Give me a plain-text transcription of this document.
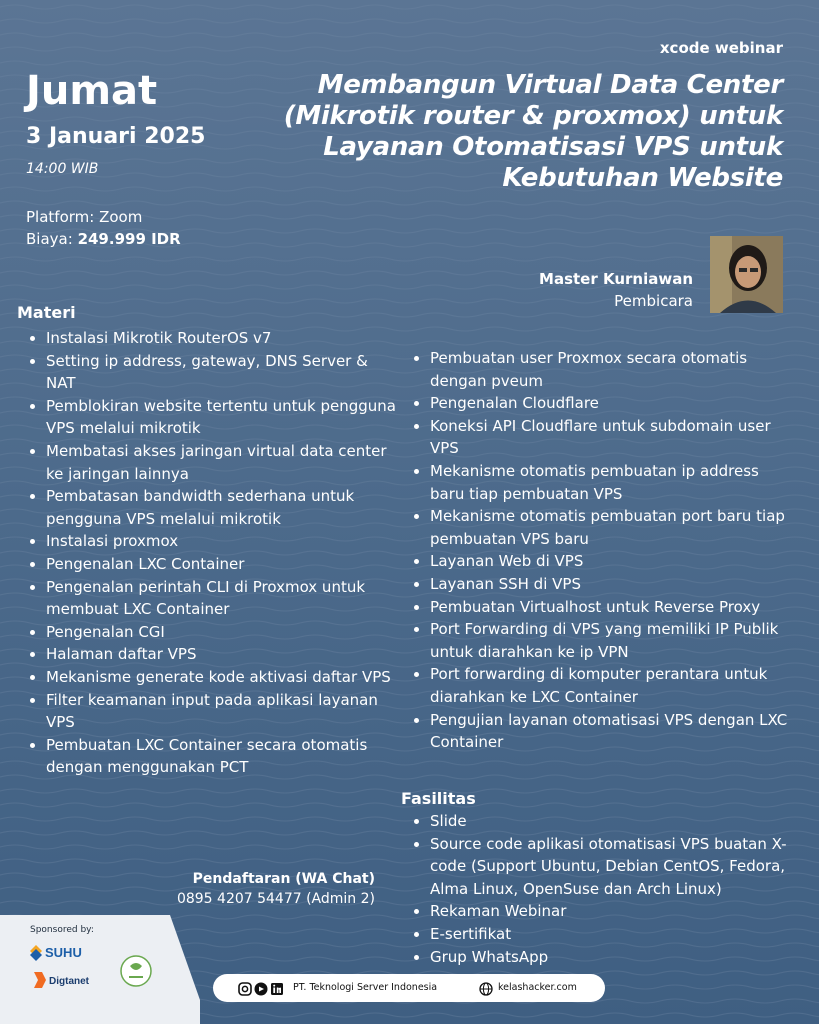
xcode webinar
Membangun Virtual Data Center (Mikrotik router & proxmox) untuk Layanan Otomatisasi VPS untuk Kebutuhan Website
Jumat
3 Januari 2025
14:00 WIB
Platform: Zoom
Biaya: 249.999 IDR
Master Kurniawan
Pembicara
Materi
Instalasi Mikrotik RouterOS v7
Setting ip address, gateway, DNS Server & NAT
Pemblokiran website tertentu untuk pengguna VPS melalui mikrotik
Membatasi akses jaringan virtual data center ke jaringan lainnya
Pembatasan bandwidth sederhana untuk pengguna VPS melalui mikrotik
Instalasi proxmox
Pengenalan LXC Container
Pengenalan perintah CLI di Proxmox untuk membuat LXC Container
Pengenalan CGI
Halaman daftar VPS
Mekanisme generate kode aktivasi daftar VPS
Filter keamanan input pada aplikasi layanan VPS
Pembuatan LXC Container secara otomatis dengan menggunakan PCT
Pembuatan user Proxmox secara otomatis dengan pveum
Pengenalan Cloudflare
Koneksi API Cloudflare untuk subdomain user VPS
Mekanisme otomatis pembuatan ip address baru tiap pembuatan VPS
Mekanisme otomatis pembuatan port baru tiap pembuatan VPS baru
Layanan Web di VPS
Layanan SSH di VPS
Pembuatan Virtualhost untuk Reverse Proxy
Port Forwarding di VPS yang memiliki IP Publik untuk diarahkan ke ip VPN
Port forwarding di komputer perantara untuk diarahkan ke LXC Container
Pengujian layanan otomatisasi VPS dengan LXC Container
Fasilitas
Slide
Source code aplikasi otomatisasi VPS buatan X-code (Support Ubuntu, Debian CentOS, Fedora, Alma Linux, OpenSuse dan Arch Linux)
Rekaman Webinar
E-sertifikat
Grup WhatsApp
Pendaftaran (WA Chat)
0895 4207 54477 (Admin 2)
Sponsored by:
SUHU
Digtanet
PT. Teknologi Server Indonesia	kelashacker.com
